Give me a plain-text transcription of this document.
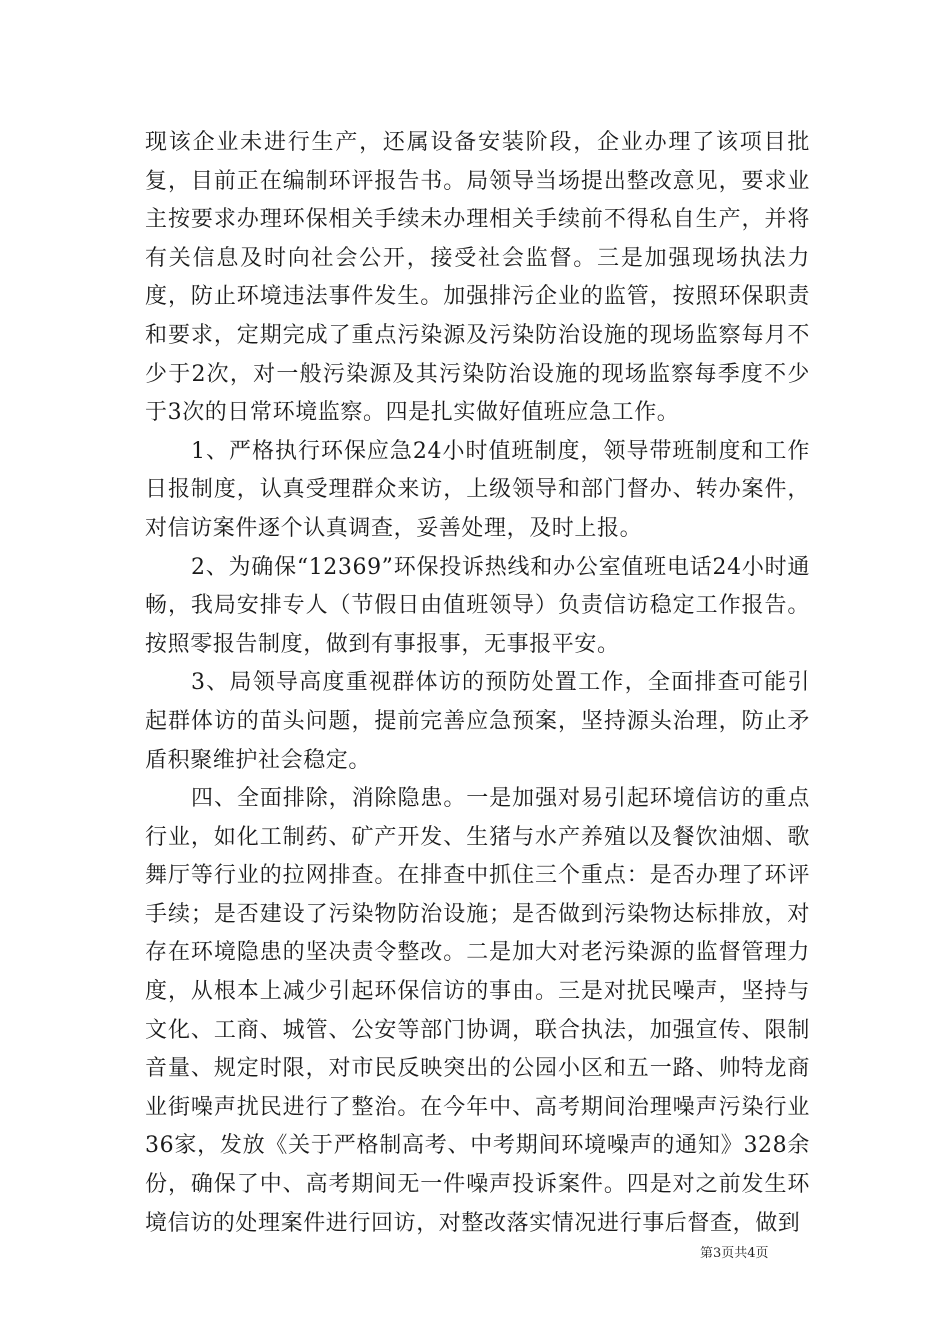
现该企业未进行生产，还属设备安装阶段，企业办理了该项目批复，目前正在编制环评报告书。局领导当场提出整改意见，要求业主按要求办理环保相关手续未办理相关手续前不得私自生产，并将有关信息及时向社会公开，接受社会监督。三是加强现场执法力度，防止环境违法事件发生。加强排污企业的监管，按照环保职责和要求，定期完成了重点污染源及污染防治设施的现场监察每月不少于2次，对一般污染源及其污染防治设施的现场监察每季度不少于3次的日常环境监察。四是扎实做好值班应急工作。

1、严格执行环保应急24小时值班制度，领导带班制度和工作日报制度，认真受理群众来访，上级领导和部门督办、转办案件，对信访案件逐个认真调查，妥善处理，及时上报。

2、为确保“12369”环保投诉热线和办公室值班电话24小时通畅，我局安排专人（节假日由值班领导）负责信访稳定工作报告。按照零报告制度，做到有事报事，无事报平安。

3、局领导高度重视群体访的预防处置工作，全面排查可能引起群体访的苗头问题，提前完善应急预案，坚持源头治理，防止矛盾积聚维护社会稳定。

四、全面排除，消除隐患。一是加强对易引起环境信访的重点行业，如化工制药、矿产开发、生猪与水产养殖以及餐饮油烟、歌舞厅等行业的拉网排查。在排查中抓住三个重点：是否办理了环评手续；是否建设了污染物防治设施；是否做到污染物达标排放，对存在环境隐患的坚决责令整改。二是加大对老污染源的监督管理力度，从根本上减少引起环保信访的事由。三是对扰民噪声，坚持与文化、工商、城管、公安等部门协调，联合执法，加强宣传、限制音量、规定时限，对市民反映突出的公园小区和五一路、帅特龙商业街噪声扰民进行了整治。在今年中、高考期间治理噪声污染行业36家，发放《关于严格制高考、中考期间环境噪声的通知》328余份，确保了中、高考期间无一件噪声投诉案件。四是对之前发生环境信访的处理案件进行回访，对整改落实情况进行事后督查，做到

第3页共4页
